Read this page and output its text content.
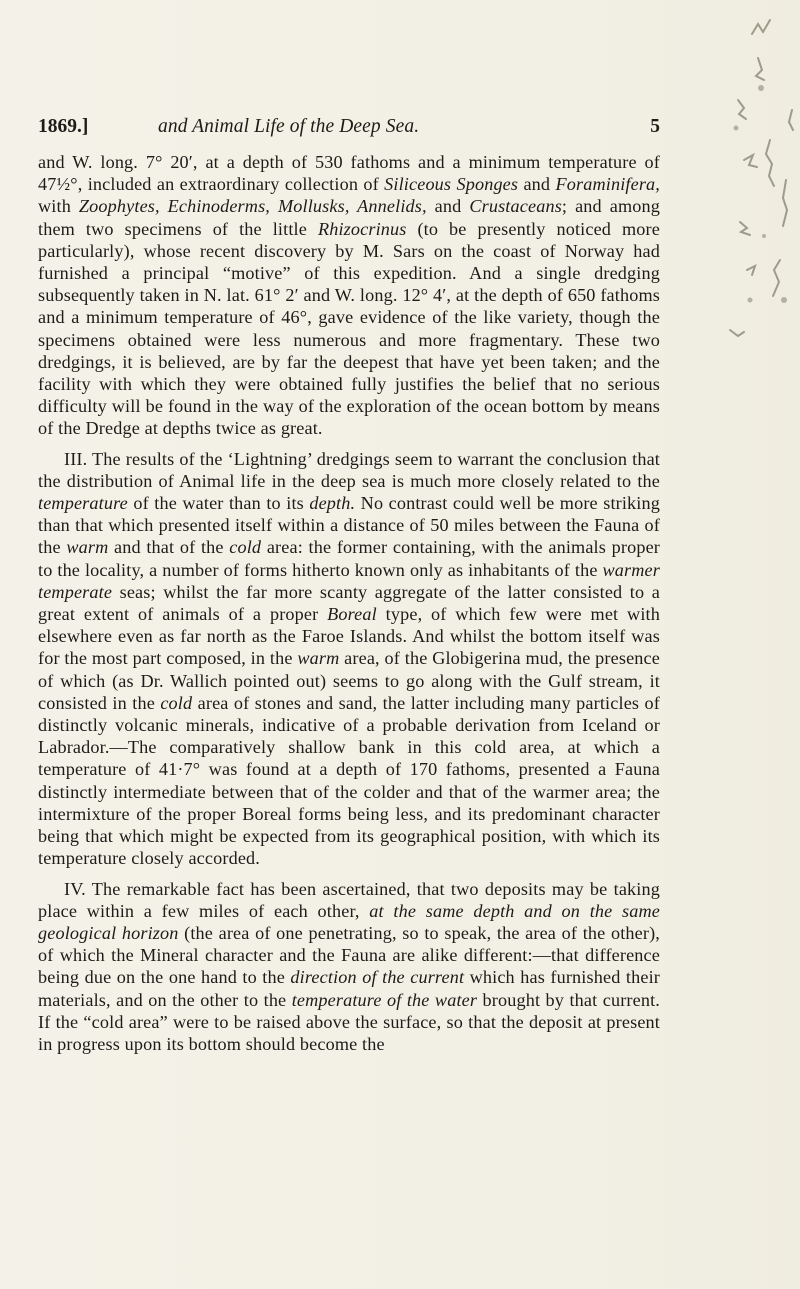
1869.]	and Animal Life of the Deep Sea.	5

and W. long. 7° 20′, at a depth of 530 fathoms and a minimum temperature of 47½°, included an extraordinary collection of Siliceous Sponges and Foraminifera, with Zoophytes, Echinoderms, Mollusks, Annelids, and Crustaceans; and among them two specimens of the little Rhizocrinus (to be presently noticed more particularly), whose recent discovery by M. Sars on the coast of Norway had furnished a principal “motive” of this expedition. And a single dredging subsequently taken in N. lat. 61° 2′ and W. long. 12° 4′, at the depth of 650 fathoms and a minimum temperature of 46°, gave evidence of the like variety, though the specimens obtained were less numerous and more fragmentary. These two dredgings, it is believed, are by far the deepest that have yet been taken; and the facility with which they were obtained fully justifies the belief that no serious difficulty will be found in the way of the exploration of the ocean bottom by means of the Dredge at depths twice as great.

III. The results of the ‘Lightning’ dredgings seem to warrant the conclusion that the distribution of Animal life in the deep sea is much more closely related to the temperature of the water than to its depth. No contrast could well be more striking than that which presented itself within a distance of 50 miles between the Fauna of the warm and that of the cold area: the former containing, with the animals proper to the locality, a number of forms hitherto known only as inhabitants of the warmer temperate seas; whilst the far more scanty aggregate of the latter consisted to a great extent of animals of a proper Boreal type, of which few were met with elsewhere even as far north as the Faroe Islands. And whilst the bottom itself was for the most part composed, in the warm area, of the Globigerina mud, the presence of which (as Dr. Wallich pointed out) seems to go along with the Gulf stream, it consisted in the cold area of stones and sand, the latter including many particles of distinctly volcanic minerals, indicative of a probable derivation from Iceland or Labrador.—The comparatively shallow bank in this cold area, at which a temperature of 41·7° was found at a depth of 170 fathoms, presented a Fauna distinctly intermediate between that of the colder and that of the warmer area; the intermixture of the proper Boreal forms being less, and its predominant character being that which might be expected from its geographical position, with which its temperature closely accorded.

IV. The remarkable fact has been ascertained, that two deposits may be taking place within a few miles of each other, at the same depth and on the same geological horizon (the area of one penetrating, so to speak, the area of the other), of which the Mineral character and the Fauna are alike different:—that difference being due on the one hand to the direction of the current which has furnished their materials, and on the other to the temperature of the water brought by that current. If the “cold area” were to be raised above the surface, so that the deposit at present in progress upon its bottom should become the
